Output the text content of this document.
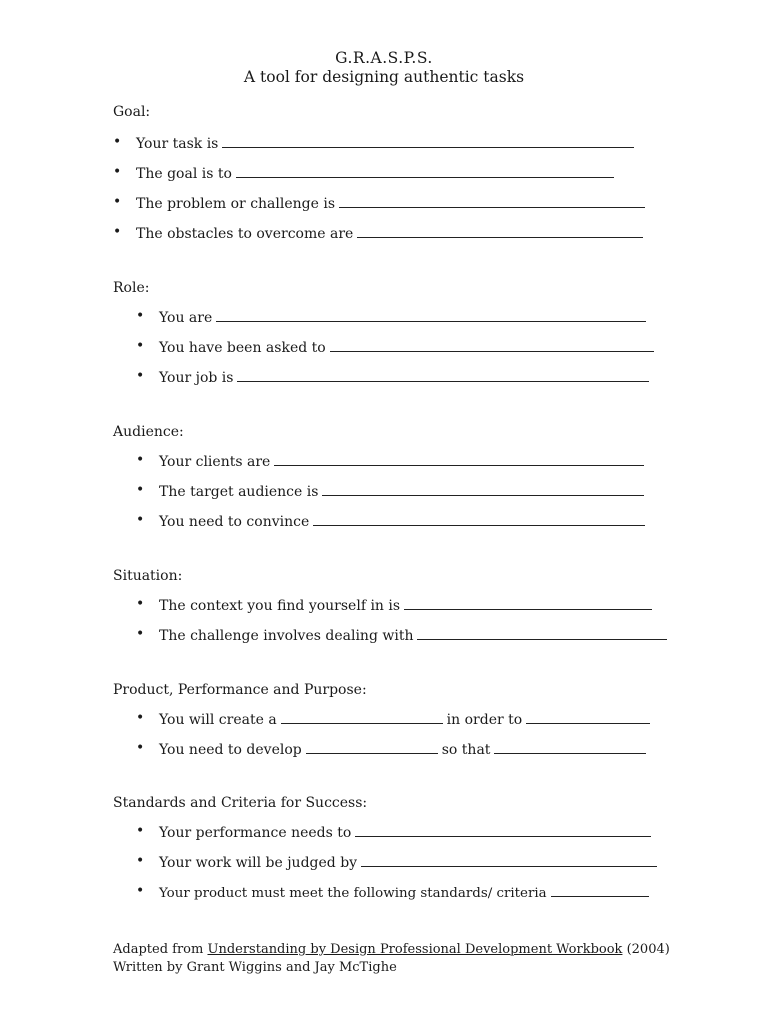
G.R.A.S.P.S.
A tool for designing authentic tasks
Goal:
• Your task is
• The goal is to
• The problem or challenge is
• The obstacles to overcome are
Role:
• You are
• You have been asked to
• Your job is
Audience:
• Your clients are
• The target audience is
• You need to convince
Situation:
• The context you find yourself in is
• The challenge involves dealing with
Product, Performance and Purpose:
• You will create a	in order to
• You need to develop	so that
Standards and Criteria for Success:
• Your performance needs to
• Your work will be judged by
• Your product must meet the following standards/ criteria
Adapted from Understanding by Design Professional Development Workbook (2004)
Written by Grant Wiggins and Jay McTighe
